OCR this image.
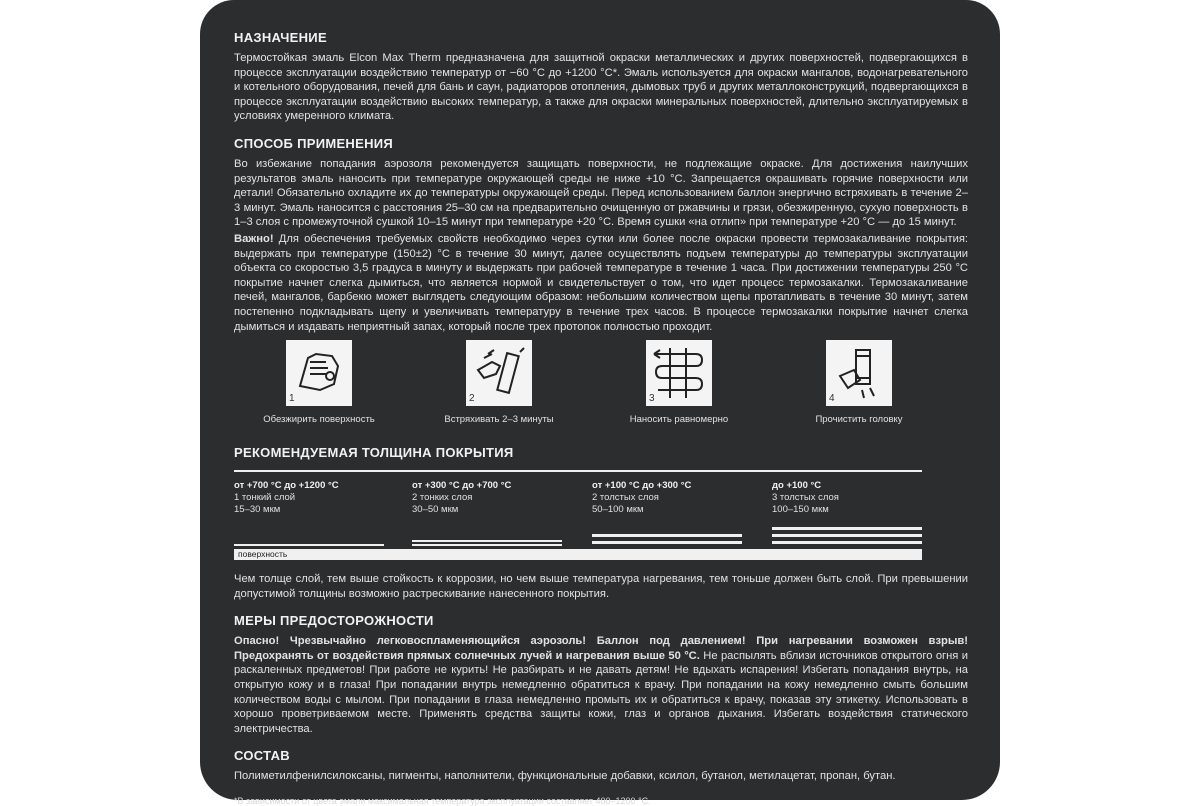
НАЗНАЧЕНИЕ

Термостойкая эмаль Elcon Max Therm предназначена для защитной окраски металлических и других поверхностей, подвергающихся в процессе эксплуатации воздействию температур от −60 °С до +1200 °С*. Эмаль используется для окраски мангалов, водонагревательного и котельного оборудования, печей для бань и саун, радиаторов отопления, дымовых труб и других металлоконструкций, подвергающихся в процессе эксплуатации воздействию высоких температур, а также для окраски минеральных поверхностей, длительно эксплуатируемых в условиях умеренного климата.

СПОСОБ ПРИМЕНЕНИЯ

Во избежание попадания аэрозоля рекомендуется защищать поверхности, не подлежащие окраске. Для достижения наилучших результатов эмаль наносить при температуре окружающей среды не ниже +10 °С. Запрещается окрашивать горячие поверхности или детали! Обязательно охладите их до температуры окружающей среды. Перед использованием баллон энергично встряхивать в течение 2–3 минут. Эмаль наносится с расстояния 25–30 см на предварительно очищенную от ржавчины и грязи, обезжиренную, сухую поверхность в 1–3 слоя с промежуточной сушкой 10–15 минут при температуре +20 °С. Время сушки «на отлип» при температуре +20 °С — до 15 минут.

Важно! Для обеспечения требуемых свойств необходимо через сутки или более после окраски провести термозакаливание покрытия: выдержать при температуре (150±2) °С в течение 30 минут, далее осуществлять подъем температуры до температуры эксплуатации объекта со скоростью 3,5 градуса в минуту и выдержать при рабочей температуре в течение 1 часа. При достижении температуры 250 °С покрытие начнет слегка дымиться, что является нормой и свидетельствует о том, что идет процесс термозакалки. Термозакаливание печей, мангалов, барбекю может выглядеть следующим образом: небольшим количеством щепы протапливать в течение 30 минут, затем постепенно подкладывать щепу и увеличивать температуру в течение трех часов. В процессе термозакалки покрытие начнет слегка дымиться и издавать неприятный запах, который после трех протопок полностью проходит.

1
Обезжирить поверхность
2
Встряхивать 2–3 минуты
3
Наносить равномерно
4
Прочистить головку
РЕКОМЕНДУЕМАЯ ТОЛЩИНА ПОКРЫТИЯ
от +700 °С до +1200 °С
1 тонкий слой
15–30 мкм
от +300 °С до +700 °С
2 тонких слоя
30–50 мкм
от +100 °С до +300 °С
2 толстых слоя
50–100 мкм
до +100 °С
3 толстых слоя
100–150 мкм
поверхность

Чем толще слой, тем выше стойкость к коррозии, но чем выше температура нагревания, тем тоньше должен быть слой. При превышении допустимой толщины возможно растрескивание нанесенного покрытия.

МЕРЫ ПРЕДОСТОРОЖНОСТИ

Опасно! Чрезвычайно легковоспламеняющийся аэрозоль! Баллон под давлением! При нагревании возможен взрыв! Предохранять от воздействия прямых солнечных лучей и нагревания выше 50 °С. Не распылять вблизи источников открытого огня и раскаленных предметов! При работе не курить! Не разбирать и не давать детям! Не вдыхать испарения! Избегать попадания внутрь, на открытую кожу и в глаза! При попадании внутрь немедленно обратиться к врачу. При попадании на кожу немедленно смыть большим количеством воды с мылом. При попадании в глаза немедленно промыть их и обратиться к врачу, показав эту этикетку. Использовать в хорошо проветриваемом месте. Применять средства защиты кожи, глаз и органов дыхания. Избегать воздействия статического электричества.

СОСТАВ

Полиметилфенилсилоксаны, пигменты, наполнители, функциональные добавки, ксилол, бутанол, метилацетат, пропан, бутан.

*В зависимости от цвета эмали максимальная температура эксплуатации составляет 400–1200 °С.
